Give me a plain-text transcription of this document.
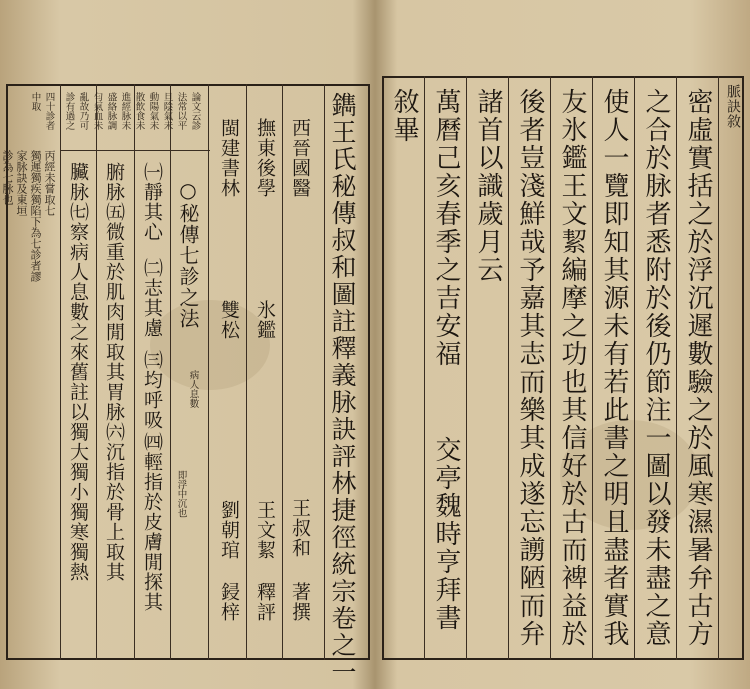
脈訣敘
密虛實括之於浮沉遲數驗之於風寒濕暑弁古方
之合於脉者悉附於後仍節注一圖以發未盡之意
使人一覽即知其源未有若此書之明且盡者實我
友氷鑑王文絜編摩之功也其信好於古而裨益於
後者豈淺鮮哉予嘉其志而樂其成遂忘謭陋而弁
諸首以識歲月云
萬曆己亥春季之吉安福
交亭魏時亨拜書
敘畢
鐫王氏秘傳叔和圖註釋義脉訣評林捷徑統宗卷之一
西晉國醫
王叔和
著撰
撫東後學
氷鑑
王文絜
釋評
閩建書林
雙松
劉朝琯
鋟梓
○秘傳七診之法
病人息數
即浮中沉也
㈠靜其心
㈡志其慮
㈢均呼吸
㈣輕指於皮膚閒探其
腑脉㈤微重於肌肉閒取其胃脉㈥沉指於骨上取其
臟脉㈦察病人息數之來舊註以獨大獨小獨寒獨熱
論文云診
法常以平
旦陰氣未
動陽氣未
散飲食未
進經脉未
盛絡脉調
勻氣血未
亂故乃可
診有過之
四十診者
中取
獨遲獨疾獨陷下為七診者謬
家脉訣及東垣 丙經未嘗取七
診為七脉也
